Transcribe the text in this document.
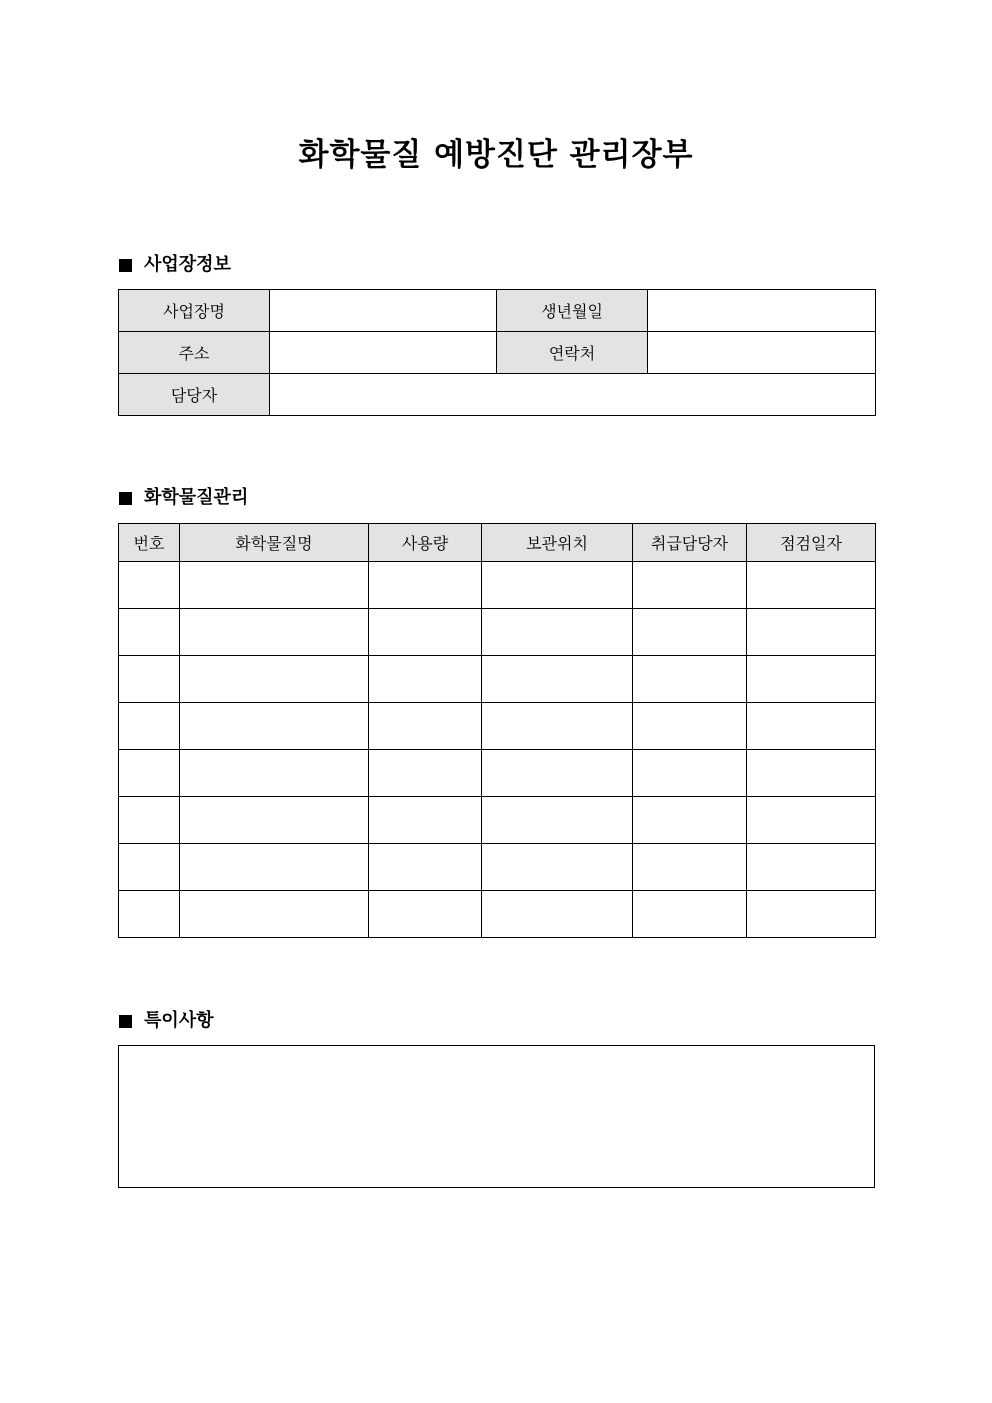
화학물질 예방진단 관리장부
사업장정보
사업장명		생년월일	
주소		연락처	
담당자			
화학물질관리
번호	화학물질명	사용량	보관위치	취급담당자	점검일자

특이사항
